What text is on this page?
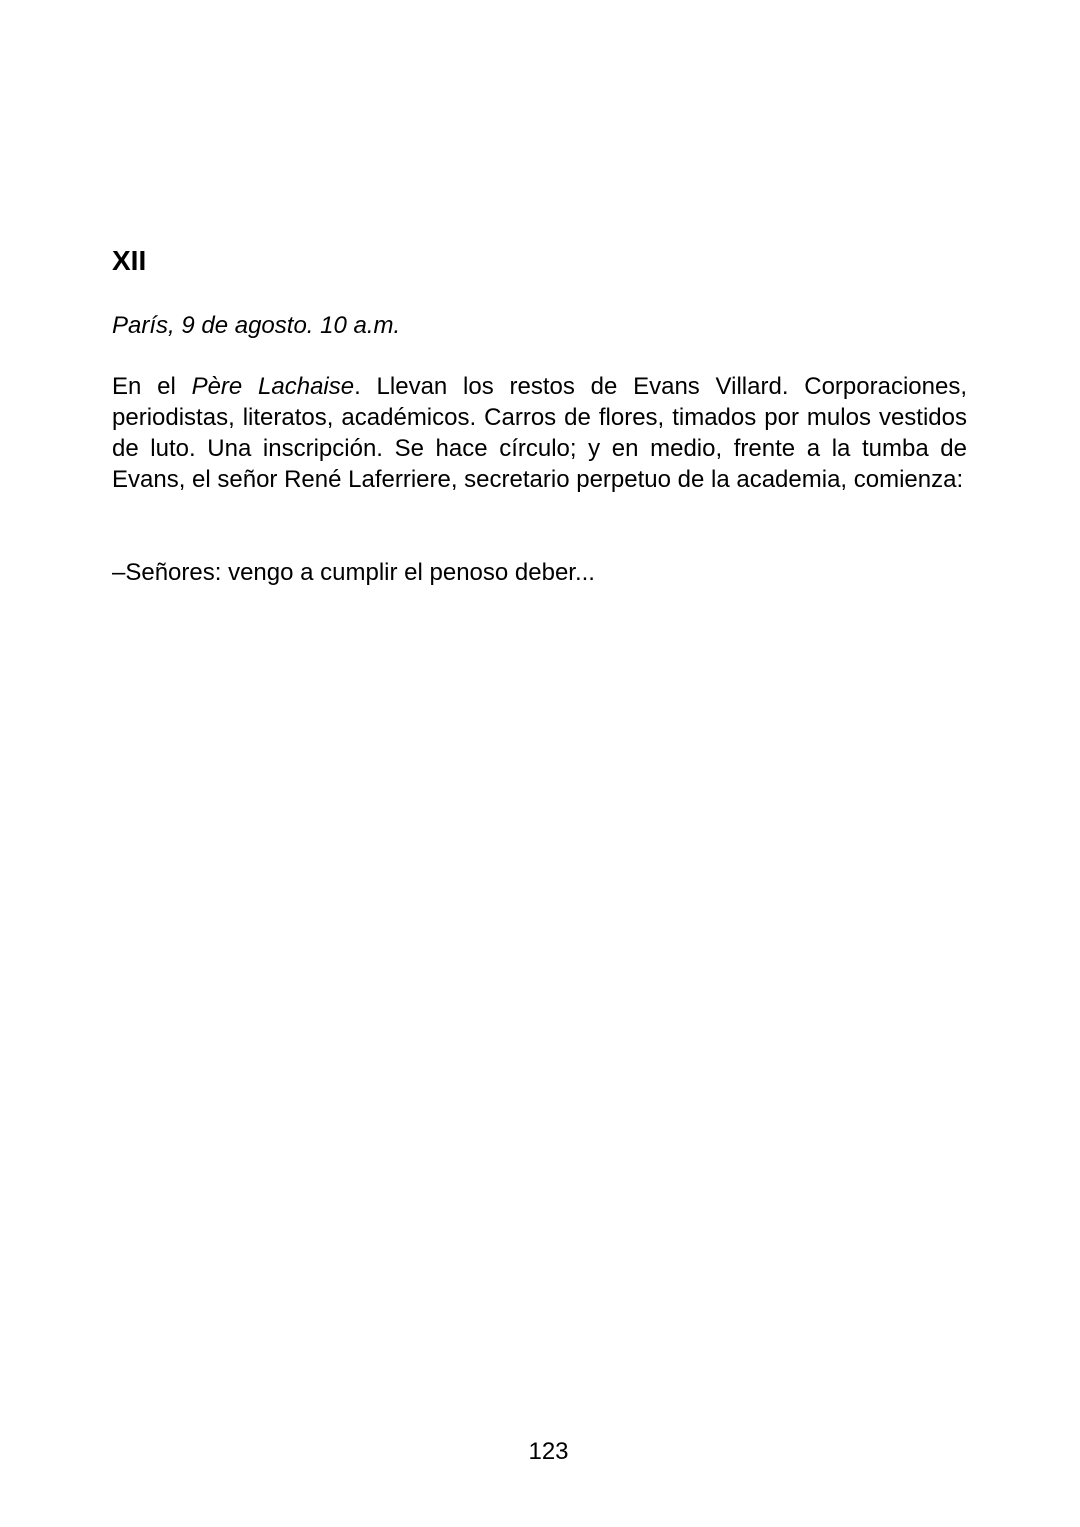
XII

París, 9 de agosto. 10 a.m.

En el Père Lachaise. Llevan los restos de Evans Villard. Corporaciones, periodistas, literatos, académicos. Carros de flores, timados por mulos vestidos de luto. Una inscripción. Se hace círculo; y en medio, frente a la tumba de Evans, el señor René Laferriere, secretario perpetuo de la academia, comienza:

–Señores: vengo a cumplir el penoso deber...

123
